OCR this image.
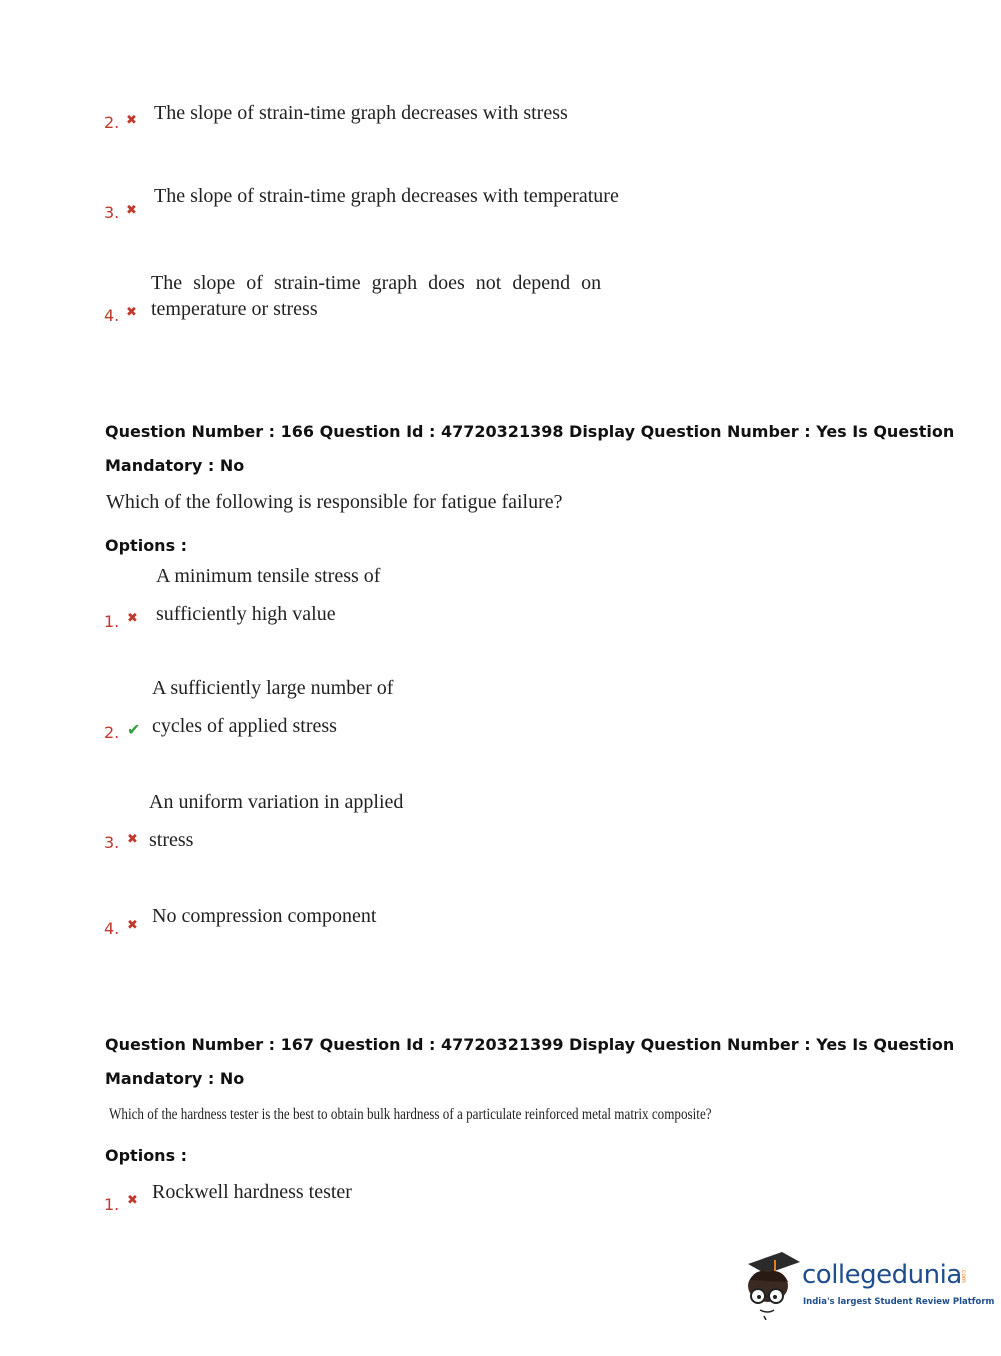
2. ✖ The slope of strain-time graph decreases with stress
3. ✖
The slope of strain-time graph decreases with temperature
4. ✖
The slope of strain-time graph does not depend on
temperature or stress
Question Number : 166 Question Id : 47720321398 Display Question Number : Yes Is Question
Mandatory : No
Which of the following is responsible for fatigue failure?
Options :
1. ✖
A minimum tensile stress of
sufficiently high value
2. ✔
A sufficiently large number of
cycles of applied stress
3. ✖
An uniform variation in applied
stress
4. ✖ No compression component
Question Number : 167 Question Id : 47720321399 Display Question Number : Yes Is Question
Mandatory : No
Which of the hardness tester is the best to obtain bulk hardness of a particulate reinforced metal matrix composite?
Options :
1. ✖ Rockwell hardness tester
collegedunia
.com
India's largest Student Review Platform
